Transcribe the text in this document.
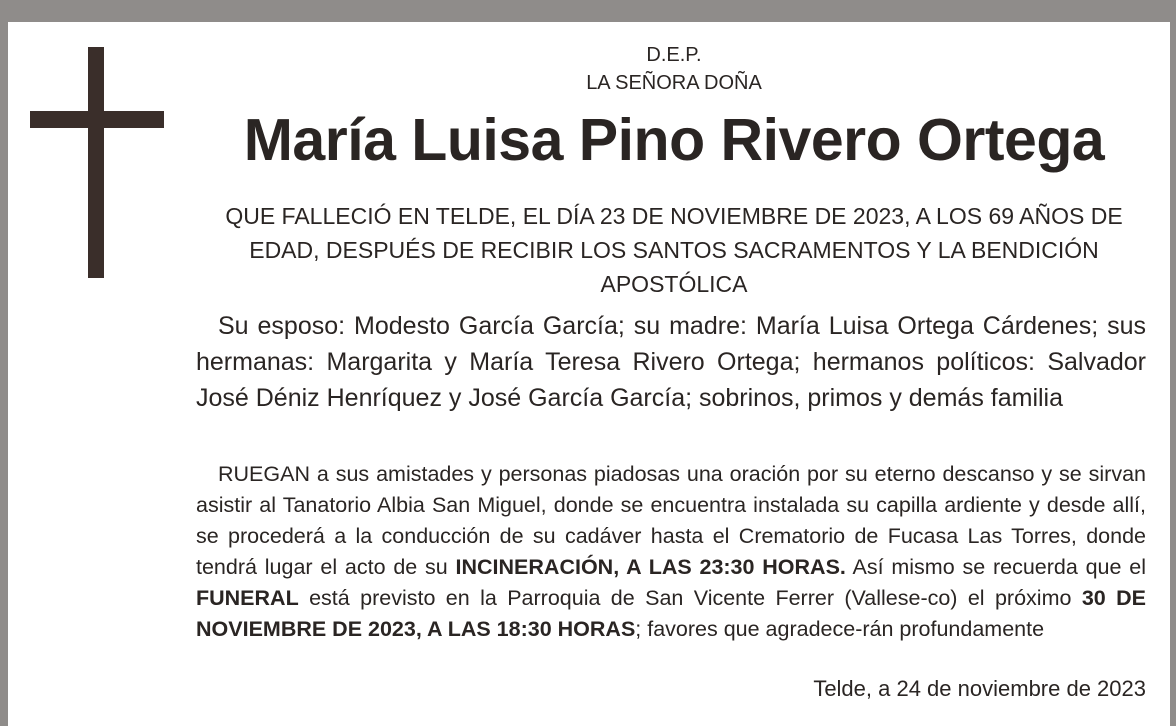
D.E.P.
LA SEÑORA DOÑA
María Luisa Pino Rivero Ortega
QUE FALLECIÓ EN TELDE, EL DÍA 23 DE NOVIEMBRE DE 2023, A LOS 69 AÑOS DE EDAD, DESPUÉS DE RECIBIR LOS SANTOS SACRAMENTOS Y LA BENDICIÓN APOSTÓLICA
Su esposo: Modesto García García; su madre: María Luisa Ortega Cárdenes; sus hermanas: Margarita y María Teresa Rivero Ortega; hermanos políticos: Salvador José Déniz Henríquez y José García García; sobrinos, primos y demás familia
RUEGAN a sus amistades y personas piadosas una oración por su eterno descanso y se sirvan asistir al Tanatorio Albia San Miguel, donde se encuentra instalada su capilla ardiente y desde allí, se procederá a la conducción de su cadáver hasta el Crematorio de Fucasa Las Torres, donde tendrá lugar el acto de su INCINERACIÓN, A LAS 23:30 HORAS. Así mismo se recuerda que el FUNERAL está previsto en la Parroquia de San Vicente Ferrer (Vallese-co) el próximo 30 DE NOVIEMBRE DE 2023, A LAS 18:30 HORAS; favores que agradece-rán profundamente
Telde, a 24 de noviembre de 2023
